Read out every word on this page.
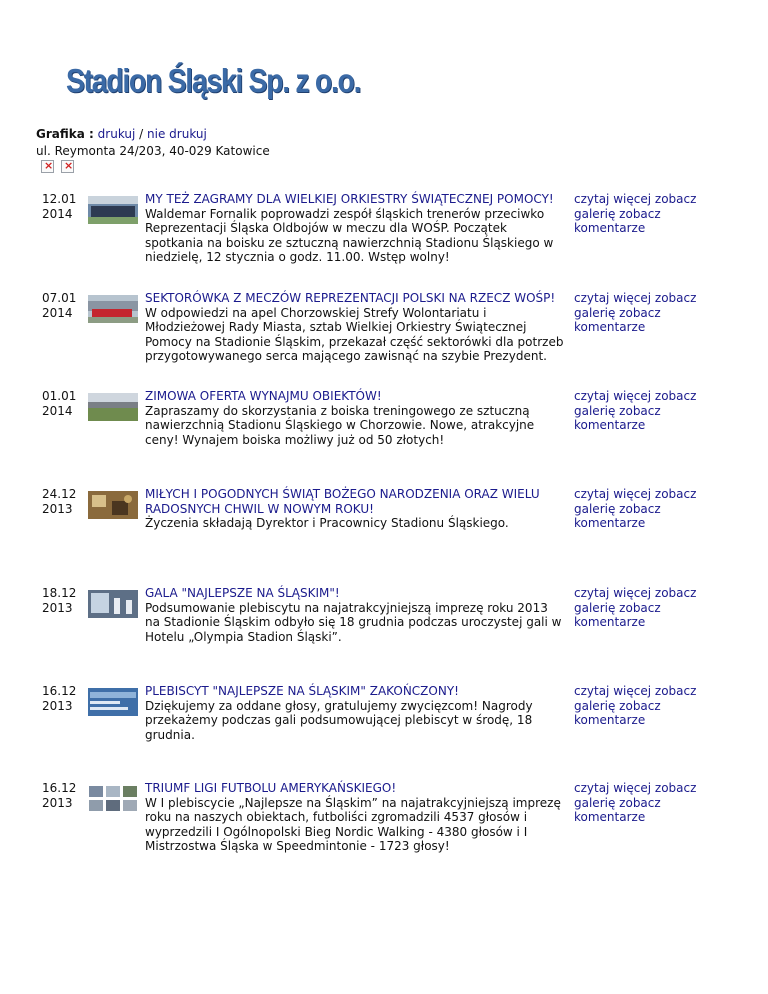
Stadion Śląski Sp. z o.o.
Grafika : drukuj / nie drukuj
ul. Reymonta 24/203, 40-029 Katowice
× ×
12.01
2014
MY TEŻ ZAGRAMY DLA WIELKIEJ ORKIESTRY ŚWIĄTECZNEJ POMOCY!
Waldemar Fornalik poprowadzi zespół śląskich trenerów przeciwko Reprezentacji Śląska Oldbojów w meczu dla WOŚP. Początek spotkania na boisku ze sztuczną nawierzchnią Stadionu Śląskiego w niedzielę, 12 stycznia o godz. 11.00. Wstęp wolny!
czytaj więcej zobacz galerię zobacz komentarze
07.01
2014
SEKTORÓWKA Z MECZÓW REPREZENTACJI POLSKI NA RZECZ WOŚP!
W odpowiedzi na apel Chorzowskiej Strefy Wolontariatu i Młodzieżowej Rady Miasta, sztab Wielkiej Orkiestry Świątecznej Pomocy na Stadionie Śląskim, przekazał część sektorówki dla potrzeb przygotowywanego serca mającego zawisnąć na szybie Prezydent.
czytaj więcej zobacz galerię zobacz komentarze
01.01
2014
ZIMOWA OFERTA WYNAJMU OBIEKTÓW!
Zapraszamy do skorzystania z boiska treningowego ze sztuczną nawierzchnią Stadionu Śląskiego w Chorzowie. Nowe, atrakcyjne ceny! Wynajem boiska możliwy już od 50 złotych!
czytaj więcej zobacz galerię zobacz komentarze
24.12
2013
MIŁYCH I POGODNYCH ŚWIĄT BOŻEGO NARODZENIA ORAZ WIELU RADOSNYCH CHWIL W NOWYM ROKU!
Życzenia składają Dyrektor i Pracownicy Stadionu Śląskiego.
czytaj więcej zobacz galerię zobacz komentarze
18.12
2013
GALA "NAJLEPSZE NA ŚLĄSKIM"!
Podsumowanie plebiscytu na najatrakcyjniejszą imprezę roku 2013 na Stadionie Śląskim odbyło się 18 grudnia podczas uroczystej gali w Hotelu „Olympia Stadion Śląski”.
czytaj więcej zobacz galerię zobacz komentarze
16.12
2013
PLEBISCYT "NAJLEPSZE NA ŚLĄSKIM" ZAKOŃCZONY!
Dziękujemy za oddane głosy, gratulujemy zwycięzcom! Nagrody przekażemy podczas gali podsumowującej plebiscyt w środę, 18 grudnia.
czytaj więcej zobacz galerię zobacz komentarze
16.12
2013
TRIUMF LIGI FUTBOLU AMERYKAŃSKIEGO!
W I plebiscycie „Najlepsze na Śląskim” na najatrakcyjniejszą imprezę roku na naszych obiektach, futboliści zgromadzili 4537 głosów i wyprzedzili I Ogólnopolski Bieg Nordic Walking - 4380 głosów i I Mistrzostwa Śląska w Speedmintonie - 1723 głosy!
czytaj więcej zobacz galerię zobacz komentarze
